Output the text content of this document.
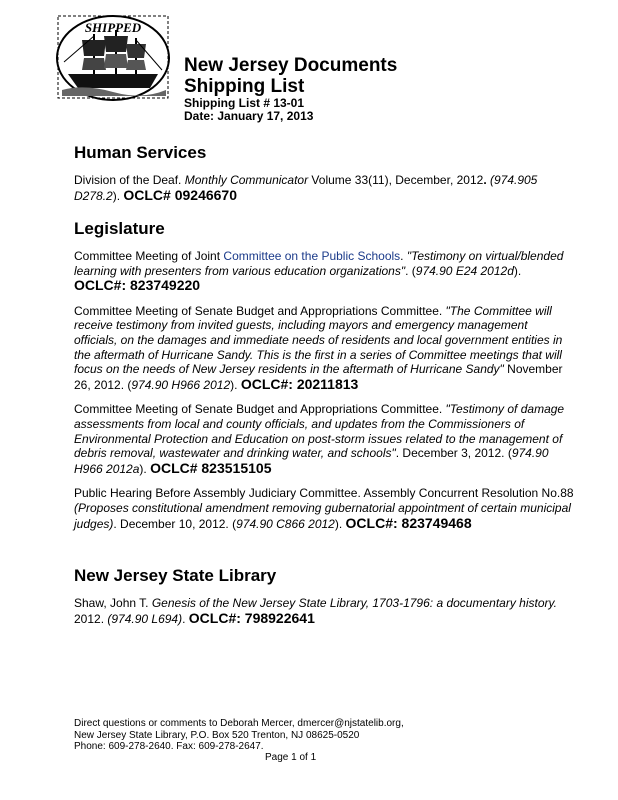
SHIPPED
New Jersey Documents
Shipping List
Shipping List # 13-01
Date: January 17, 2013
Human Services
Division of the Deaf. Monthly Communicator Volume 33(11), December, 2012. (974.905 D278.2). OCLC# 09246670
Legislature
Committee Meeting of Joint Committee on the Public Schools. "Testimony on virtual/blended learning with presenters from various education organizations". (974.90 E24 2012d). OCLC#: 823749220
Committee Meeting of Senate Budget and Appropriations Committee. "The Committee will receive testimony from invited guests, including mayors and emergency management officials, on the damages and immediate needs of residents and local government entities in the aftermath of Hurricane Sandy. This is the first in a series of Committee meetings that will focus on the needs of New Jersey residents in the aftermath of Hurricane Sandy" November 26, 2012. (974.90 H966 2012). OCLC#: 20211813
Committee Meeting of Senate Budget and Appropriations Committee. "Testimony of damage assessments from local and county officials, and updates from the Commissioners of Environmental Protection and Education on post-storm issues related to the management of debris removal, wastewater and drinking water, and schools". December 3, 2012. (974.90 H966 2012a). OCLC# 823515105
Public Hearing Before Assembly Judiciary Committee. Assembly Concurrent Resolution No.88 (Proposes constitutional amendment removing gubernatorial appointment of certain municipal judges). December 10, 2012. (974.90 C866 2012). OCLC#: 823749468
New Jersey State Library
Shaw, John T. Genesis of the New Jersey State Library, 1703-1796: a documentary history. 2012. (974.90 L694). OCLC#: 798922641
Direct questions or comments to Deborah Mercer, dmercer@njstatelib.org,
New Jersey State Library, P.O. Box 520 Trenton, NJ 08625-0520
Phone: 609-278-2640. Fax: 609-278-2647.
Page 1 of 1
